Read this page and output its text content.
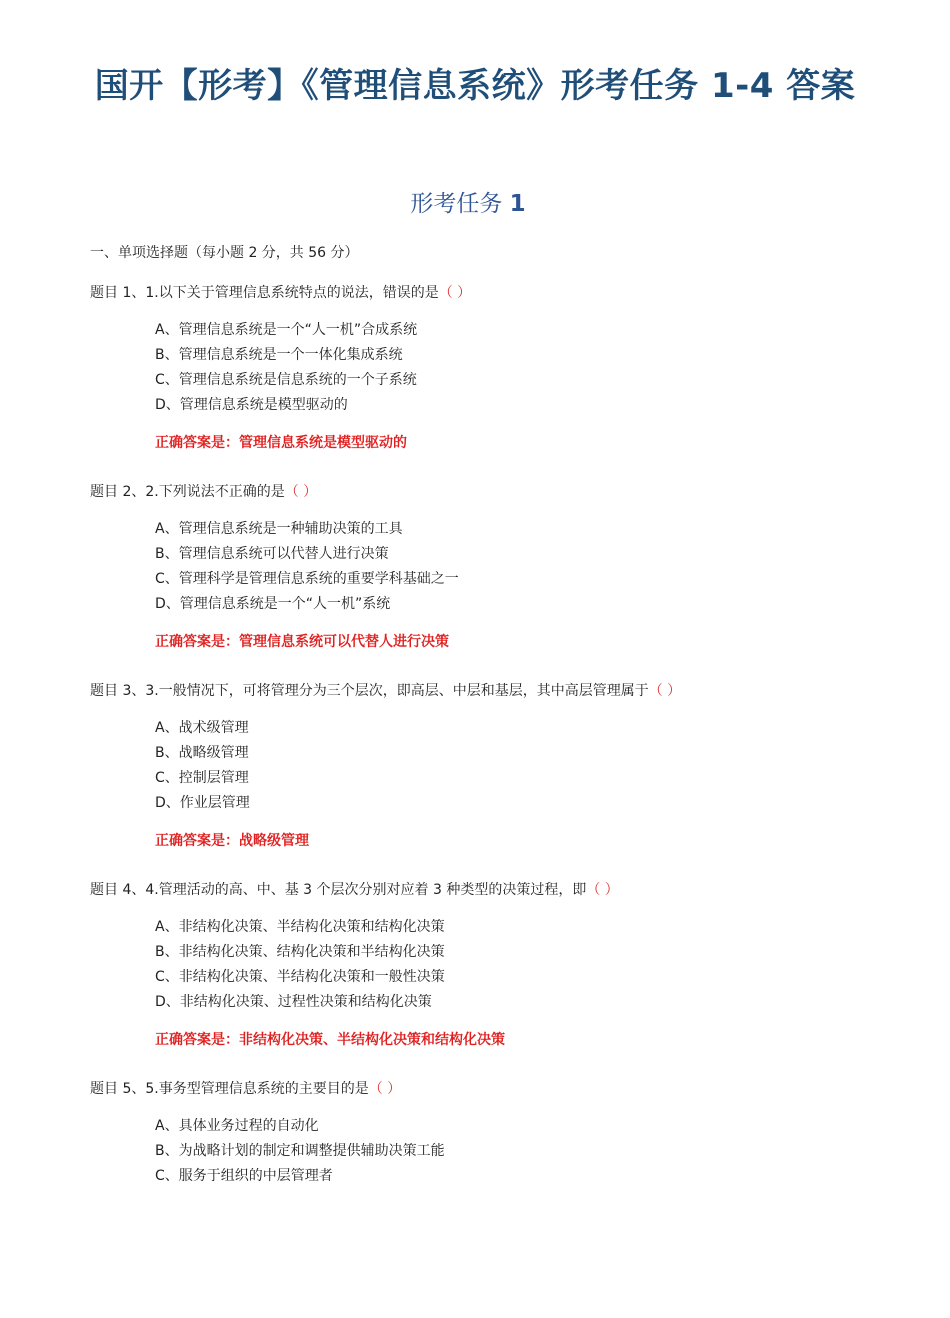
国开【形考】《管理信息系统》形考任务 1-4 答案
形考任务 1
一、单项选择题（每小题 2 分，共 56 分）
题目 1、1.以下关于管理信息系统特点的说法，错误的是（ ）
A、管理信息系统是一个“人一机”合成系统
B、管理信息系统是一个一体化集成系统
C、管理信息系统是信息系统的一个子系统
D、管理信息系统是模型驱动的
正确答案是：管理信息系统是模型驱动的
题目 2、2.下列说法不正确的是（ ）
A、管理信息系统是一种辅助决策的工具
B、管理信息系统可以代替人进行决策
C、管理科学是管理信息系统的重要学科基础之一
D、管理信息系统是一个“人一机”系统
正确答案是：管理信息系统可以代替人进行决策
题目 3、3.一般情况下，可将管理分为三个层次，即高层、中层和基层，其中高层管理属于（ ）
A、战术级管理
B、战略级管理
C、控制层管理
D、作业层管理
正确答案是：战略级管理
题目 4、4.管理活动的高、中、基 3 个层次分别对应着 3 种类型的决策过程，即（ ）
A、非结构化决策、半结构化决策和结构化决策
B、非结构化决策、结构化决策和半结构化决策
C、非结构化决策、半结构化决策和一般性决策
D、非结构化决策、过程性决策和结构化决策
正确答案是：非结构化决策、半结构化决策和结构化决策
题目 5、5.事务型管理信息系统的主要目的是（ ）
A、具体业务过程的自动化
B、为战略计划的制定和调整提供辅助决策工能
C、服务于组织的中层管理者
